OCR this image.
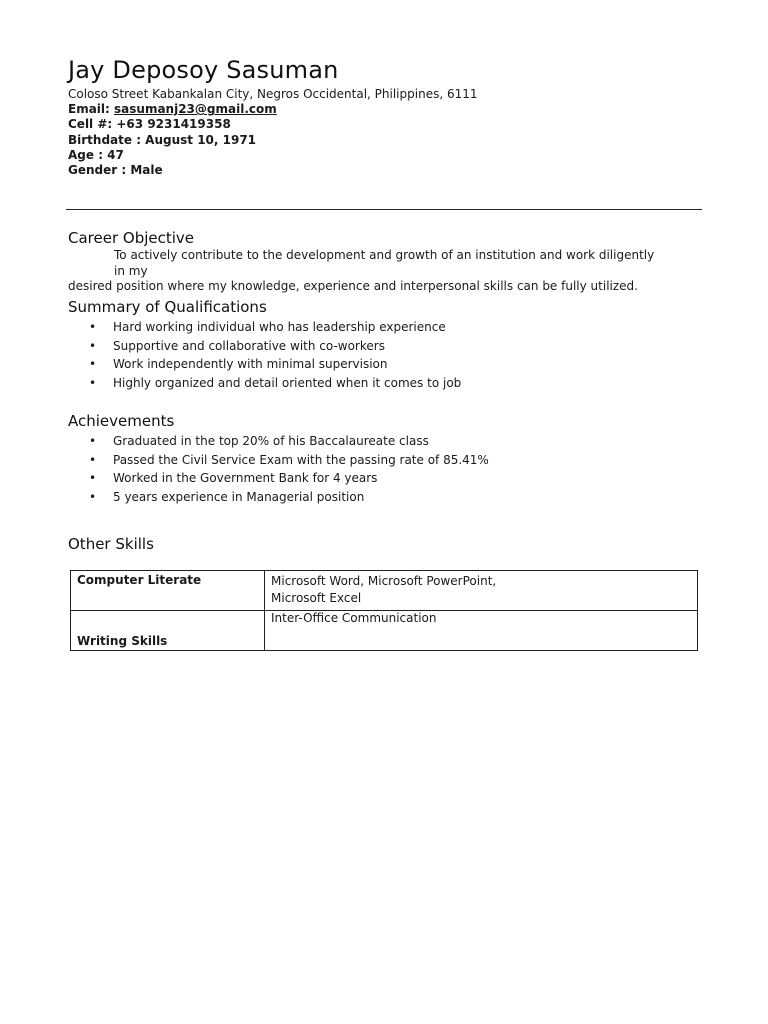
Jay Deposoy Sasuman
Coloso Street Kabankalan City, Negros Occidental, Philippines, 6111
Email: sasumanj23@gmail.com
Cell #: +63 9231419358
Birthdate : August 10, 1971
Age : 47
Gender : Male
Career Objective
To actively contribute to the development and growth of an institution and work diligently in my
desired position where my knowledge, experience and interpersonal skills can be fully utilized.
Summary of Qualifications
• Hard working individual who has leadership experience
• Supportive and collaborative with co-workers
• Work independently with minimal supervision
• Highly organized and detail oriented when it comes to job
Achievements
• Graduated in the top 20% of his Baccalaureate class
• Passed the Civil Service Exam with the passing rate of 85.41%
• Worked in the Government Bank for 4 years
• 5 years experience in Managerial position
Other Skills
Computer Literate	Microsoft Word, Microsoft PowerPoint,
Microsoft Excel

Writing Skills	Inter-Office Communication
